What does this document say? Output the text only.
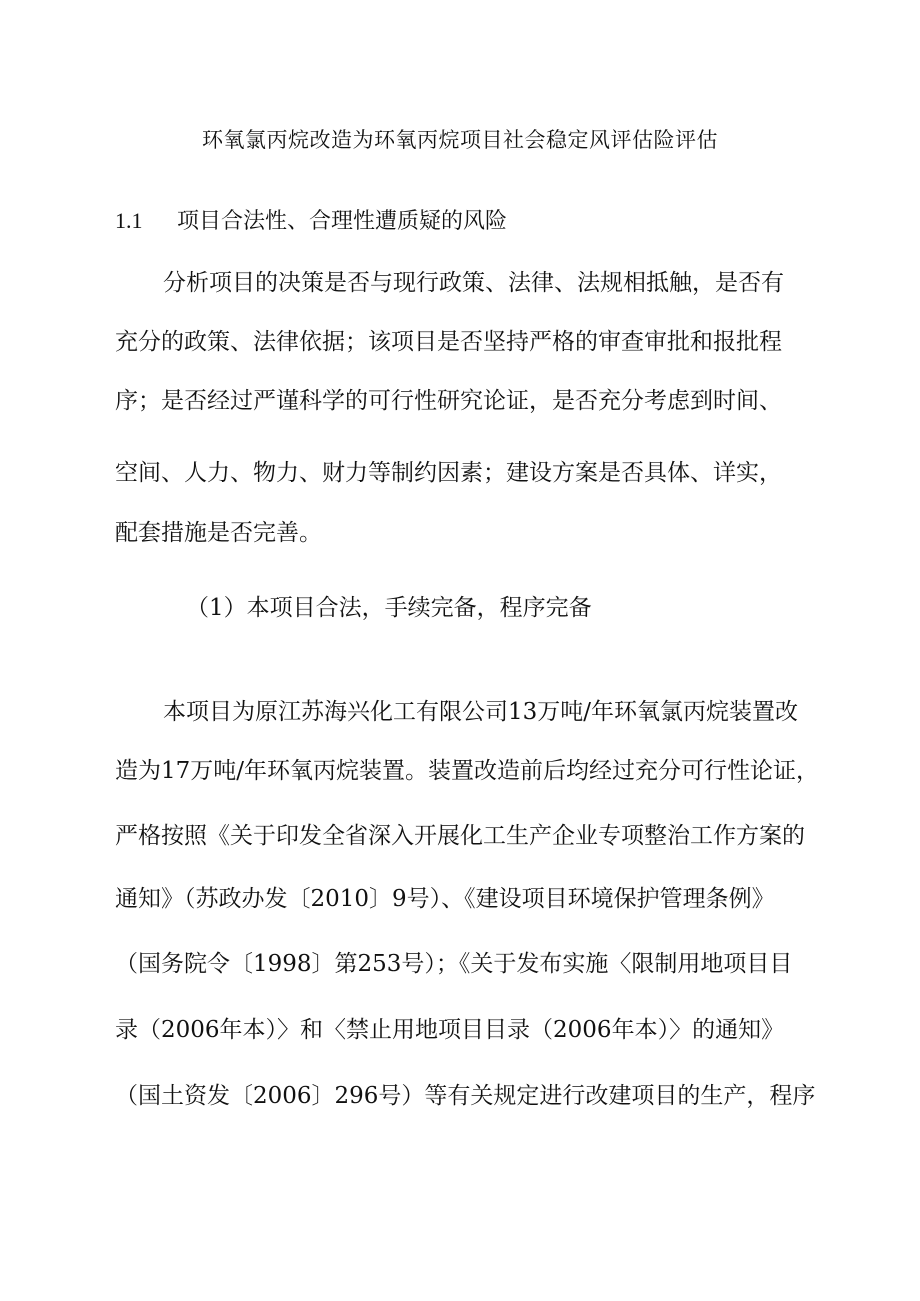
环氧氯丙烷改造为环氧丙烷项目社会稳定风评估险评估
1.1 项目合法性、合理性遭质疑的风险
分析项目的决策是否与现行政策、法律、法规相抵触，是否有
充分的政策、法律依据；该项目是否坚持严格的审查审批和报批程
序；是否经过严谨科学的可行性研究论证，是否充分考虑到时间、
空间、人力、物力、财力等制约因素；建设方案是否具体、详实，
配套措施是否完善。
（1）本项目合法，手续完备，程序完备
本项目为原江苏海兴化工有限公司13万吨/年环氧氯丙烷装置改
造为17万吨/年环氧丙烷装置。装置改造前后均经过充分可行性论证，
严格按照《关于印发全省深入开展化工生产企业专项整治工作方案的
通知》（苏政办发〔2010〕9号）、《建设项目环境保护管理条例》
（国务院令〔1998〕第253号）；《关于发布实施〈限制用地项目目
录（2006年本）〉和〈禁止用地项目目录（2006年本）〉的通知》
（国土资发〔2006〕296号）等有关规定进行改建项目的生产，程序
